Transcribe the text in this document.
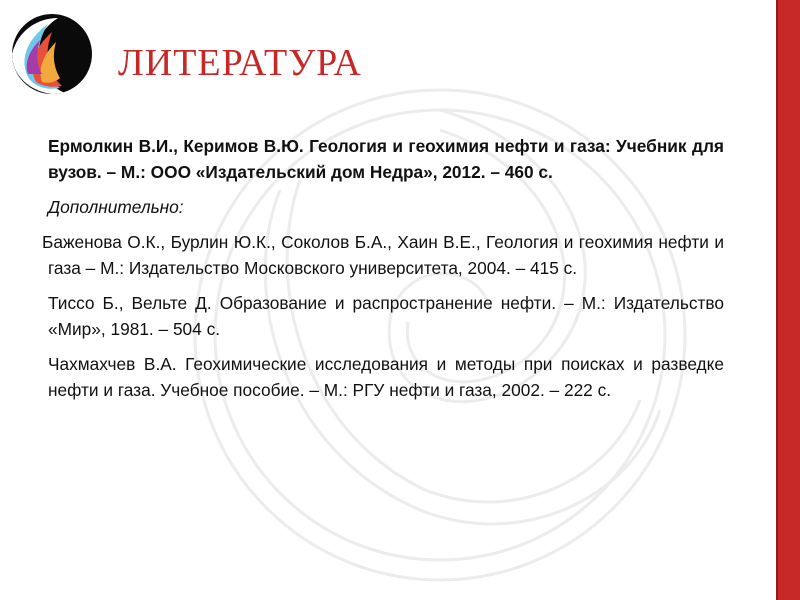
ЛИТЕРАТУРА

Ермолкин В.И., Керимов В.Ю. Геология и геохимия нефти и газа: Учебник для вузов. – М.: ООО «Издательский дом Недра», 2012. – 460 с.

Дополнительно:

Баженова О.К., Бурлин Ю.К., Соколов Б.А., Хаин В.Е., Геология и геохимия нефти и газа – М.: Издательство Московского университета, 2004. – 415 с.

Тиссо Б., Вельте Д. Образование и распространение нефти. – М.: Издательство «Мир», 1981. – 504 с.

Чахмахчев В.А. Геохимические исследования и методы при поисках и разведке нефти и газа. Учебное пособие. – М.: РГУ нефти и газа, 2002. – 222 с.
